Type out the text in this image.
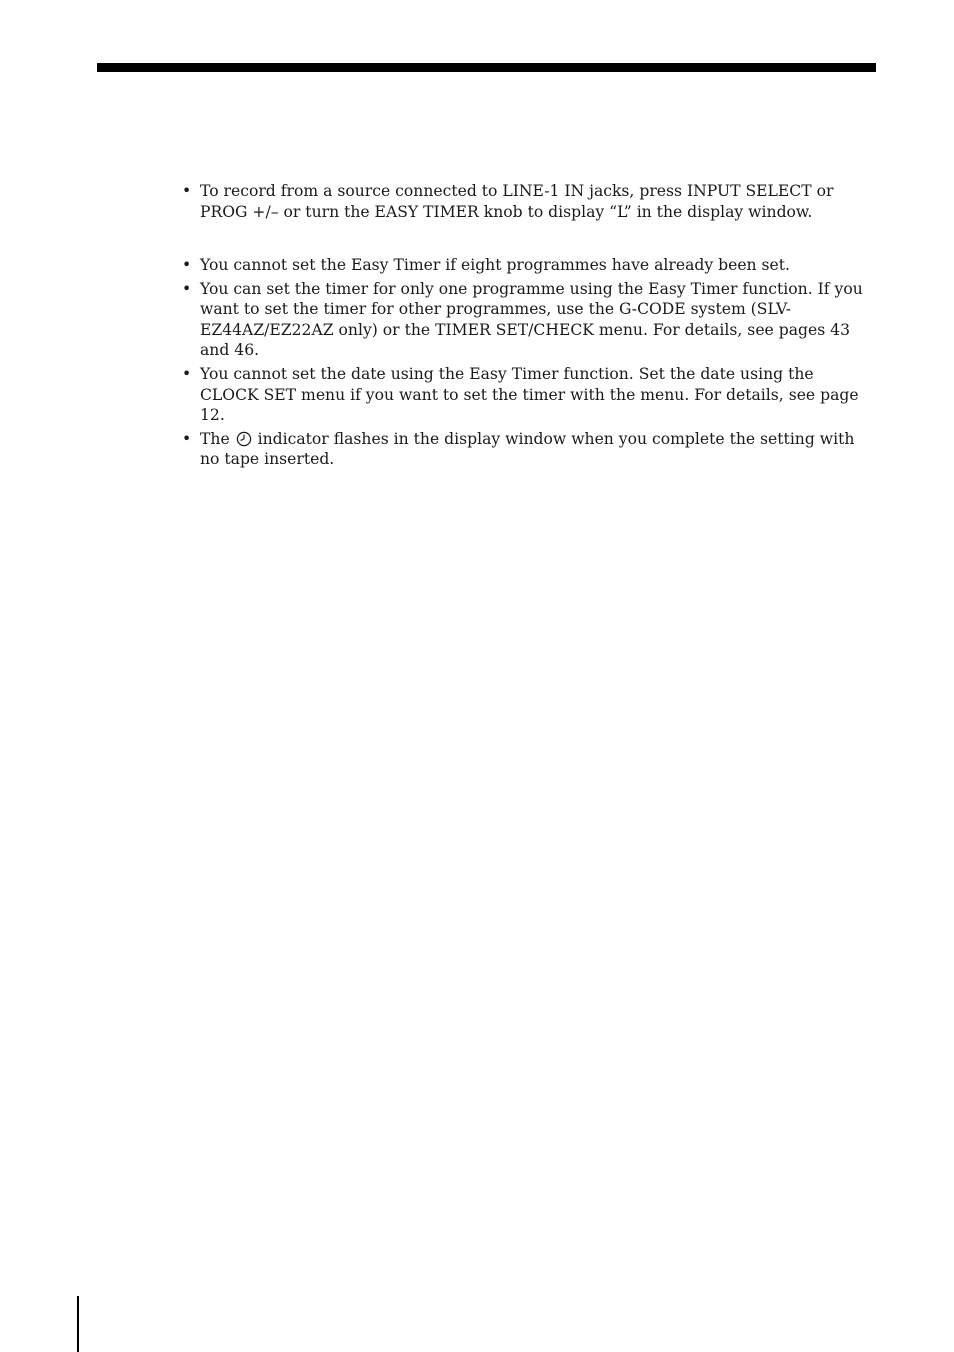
• To record from a source connected to LINE-1 IN jacks, press INPUT SELECT or PROG +/– or turn the EASY TIMER knob to display “L” in the display window.
• You cannot set the Easy Timer if eight programmes have already been set.
• You can set the timer for only one programme using the Easy Timer function. If you want to set the timer for other programmes, use the G-CODE system (SLV-EZ44AZ/EZ22AZ only) or the TIMER SET/CHECK menu. For details, see pages 43 and 46.
• You cannot set the date using the Easy Timer function. Set the date using the CLOCK SET menu if you want to set the timer with the menu. For details, see page 12.
• The indicator flashes in the display window when you complete the setting with no tape inserted.
